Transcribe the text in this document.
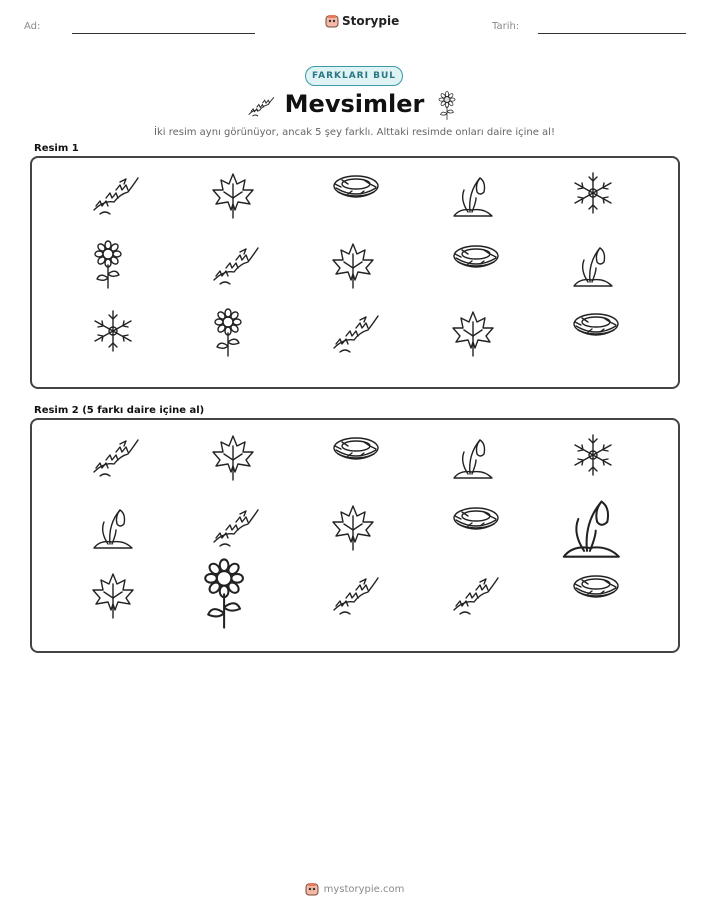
Ad:	Storypie	Tarih:
FARKLARI BUL
Mevsimler
İki resim aynı görünüyor, ancak 5 şey farklı. Alttaki resimde onları daire içine al!
Resim 1
Resim 2 (5 farkı daire içine al)
mystorypie.com
